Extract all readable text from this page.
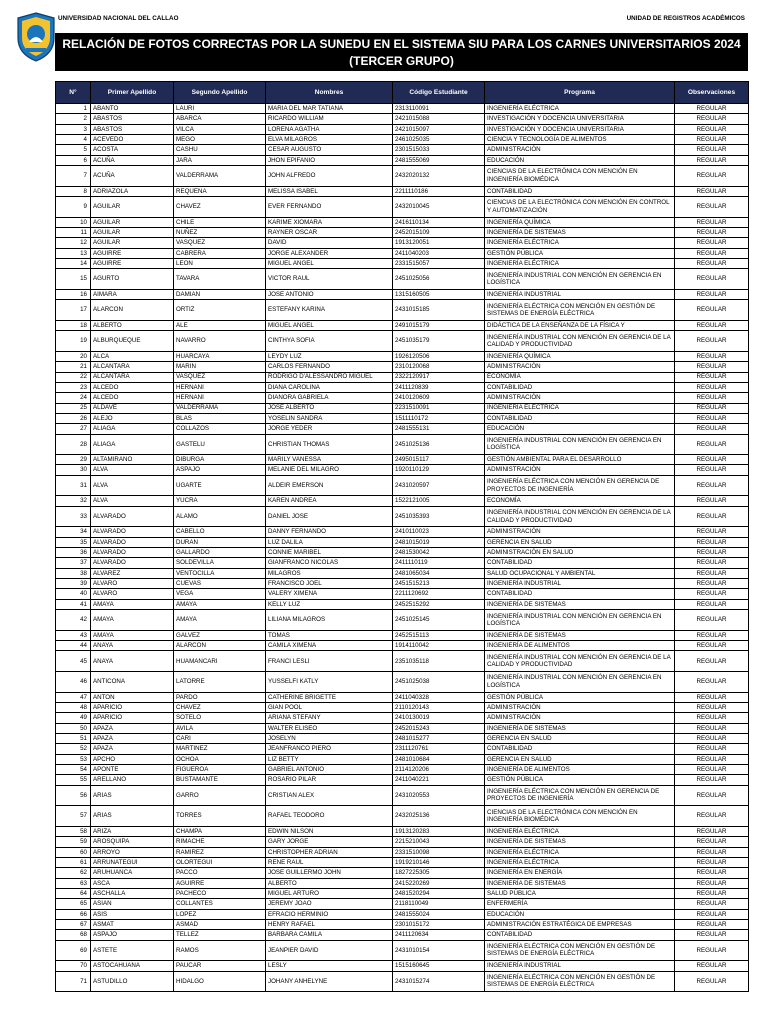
UNIVERSIDAD NACIONAL DEL CALLAO	UNIDAD DE REGISTROS ACADÉMICOS
RELACIÓN DE FOTOS CORRECTAS POR LA SUNEDU EN EL SISTEMA SIU PARA LOS CARNES UNIVERSITARIOS 2024 (TERCER GRUPO)
N°	Primer Apellido	Segundo Apellido	Nombres	Código Estudiante	Programa	Observaciones
1	ABANTO	LAURI	MARIA DEL MAR TATIANA	2313110091	INGENIERÍA ELÉCTRICA	REGULAR
2	ABASTOS	ABARCA	RICARDO WILLIAM	2421015088	INVESTIGACIÓN Y DOCENCIA UNIVERSITARIA	REGULAR
3	ABASTOS	VILCA	LORENA AGATHA	2421015097	INVESTIGACIÓN Y DOCENCIA UNIVERSITARIA	REGULAR
4	ACEVEDO	MEGO	ELVA MILAGROS	2461025035	CIENCIA Y TECNOLOGÍA DE ALIMENTOS	REGULAR
5	ACOSTA	CASHU	CESAR AUGUSTO	2301515033	ADMINISTRACIÓN	REGULAR
6	ACUÑA	JARA	JHON EPIFANIO	2481555069	EDUCACIÓN	REGULAR
7	ACUÑA	VALDERRAMA	JOHN ALFREDO	2432020132	CIENCIAS DE LA ELECTRÓNICA CON MENCIÓN EN INGENIERÍA BIOMÉDICA	REGULAR
8	ADRIAZOLA	REQUENA	MELISSA ISABEL	2211110186	CONTABILIDAD	REGULAR
9	AGUILAR	CHAVEZ	EVER FERNANDO	2432010045	CIENCIAS DE LA ELECTRÓNICA CON MENCIÓN EN CONTROL Y AUTOMATIZACIÓN	REGULAR
10	AGUILAR	CHILE	KARIME XIOMARA	2416110134	INGENIERÍA QUÍMICA	REGULAR
11	AGUILAR	NUÑEZ	RAYNER OSCAR	2452015109	INGENIERÍA DE SISTEMAS	REGULAR
12	AGUILAR	VASQUEZ	DAVID	1913120051	INGENIERÍA ELÉCTRICA	REGULAR
13	AGUIRRE	CABRERA	JORGE ALEXANDER	2411040203	GESTIÓN PÚBLICA	REGULAR
14	AGUIRRE	LEON	MIGUEL ANGEL	2331515057	INGENIERÍA ELÉCTRICA	REGULAR
15	AGURTO	TAVARA	VICTOR RAUL	2451025056	INGENIERÍA INDUSTRIAL CON MENCIÓN EN GERENCIA EN LOGÍSTICA	REGULAR
16	AIMARA	DAMIAN	JOSE ANTONIO	1315160505	INGENIERÍA INDUSTRIAL	REGULAR
17	ALARCON	ORTIZ	ESTEFANY KARINA	2431015185	INGENIERÍA ELÉCTRICA CON MENCIÓN EN GESTIÓN DE SISTEMAS DE ENERGÍA ELÉCTRICA	REGULAR
18	ALBERTO	ALE	MIGUEL ANGEL	2491015179	DIDÁCTICA DE LA ENSEÑANZA DE LA FÍSICA Y	REGULAR
19	ALBURQUEQUE	NAVARRO	CINTHYA SOFIA	2451035179	INGENIERÍA INDUSTRIAL CON MENCIÓN EN GERENCIA DE LA CALIDAD Y PRODUCTIVIDAD	REGULAR
20	ALCA	HUARCAYA	LEYDY LUZ	1926120506	INGENIERÍA QUÍMICA	REGULAR
21	ALCANTARA	MARIN	CARLOS FERNANDO	2310120068	ADMINISTRACIÓN	REGULAR
22	ALCANTARA	VASQUEZ	RODRIGO D'ALESSANDRO MIGUEL	2322120917	ECONOMÍA	REGULAR
23	ALCEDO	HERNANI	DIANA CAROLINA	2411120839	CONTABILIDAD	REGULAR
24	ALCEDO	HERNANI	DIANORA GABRIELA	2410120609	ADMINISTRACIÓN	REGULAR
25	ALDAVE	VALDERRAMA	JOSE ALBERTO	2231510091	INGENIERÍA ELÉCTRICA	REGULAR
26	ALEJO	BLAS	YOSELIN SANDRA	1511110172	CONTABILIDAD	REGULAR
27	ALIAGA	COLLAZOS	JORGE YEDER	2481555131	EDUCACIÓN	REGULAR
28	ALIAGA	GASTELU	CHRISTIAN THOMAS	2451025136	INGENIERÍA INDUSTRIAL CON MENCIÓN EN GERENCIA EN LOGÍSTICA	REGULAR
29	ALTAMIRANO	DIBURGA	MARILY VANESSA	2495015117	GESTIÓN AMBIENTAL PARA EL DESARROLLO	REGULAR
30	ALVA	ASPAJO	MELANIE DEL MILAGRO	1920110129	ADMINISTRACIÓN	REGULAR
31	ALVA	UGARTE	ALDEIR EMERSON	2431020597	INGENIERÍA ELÉCTRICA CON MENCIÓN EN GERENCIA DE PROYECTOS DE INGENIERÍA	REGULAR
32	ALVA	YUCRA	KAREN ANDREA	1522121005	ECONOMÍA	REGULAR
33	ALVARADO	ALAMO	DANIEL JOSE	2451035393	INGENIERÍA INDUSTRIAL CON MENCIÓN EN GERENCIA DE LA CALIDAD Y PRODUCTIVIDAD	REGULAR
34	ALVARADO	CABELLO	DANNY FERNANDO	2410110023	ADMINISTRACIÓN	REGULAR
35	ALVARADO	DURAN	LUZ DALILA	2481015019	GERENCIA EN SALUD	REGULAR
36	ALVARADO	GALLARDO	CONNIE MARIBEL	2481530042	ADMINISTRACIÓN EN SALUD	REGULAR
37	ALVARADO	SOLDEVILLA	GIANFRANCO NICOLAS	2411110119	CONTABILIDAD	REGULAR
38	ALVAREZ	VENTOCILLA	MILAGROS	2481065034	SALUD OCUPACIONAL Y AMBIENTAL	REGULAR
39	ALVARO	CUEVAS	FRANCISCO JOEL	2451515213	INGENIERÍA INDUSTRIAL	REGULAR
40	ALVARO	VEGA	VALERY XIMENA	2211120692	CONTABILIDAD	REGULAR
41	AMAYA	AMAYA	KELLY LUZ	2452515292	INGENIERÍA DE SISTEMAS	REGULAR
42	AMAYA	AMAYA	LILIANA MILAGROS	2451025145	INGENIERÍA INDUSTRIAL CON MENCIÓN EN GERENCIA EN LOGÍSTICA	REGULAR
43	AMAYA	GALVEZ	TOMAS	2452515113	INGENIERÍA DE SISTEMAS	REGULAR
44	ANAYA	ALARCON	CAMILA XIMENA	1914110042	INGENIERÍA DE ALIMENTOS	REGULAR
45	ANAYA	HUAMANCARI	FRANCI LESLI	2351035118	INGENIERÍA INDUSTRIAL CON MENCIÓN EN GERENCIA DE LA CALIDAD Y PRODUCTIVIDAD	REGULAR
46	ANTICONA	LATORRE	YUSSELFI KATLY	2451025038	INGENIERÍA INDUSTRIAL CON MENCIÓN EN GERENCIA EN LOGÍSTICA	REGULAR
47	ANTON	PARDO	CATHERINE BRIGETTE	2411040328	GESTIÓN PÚBLICA	REGULAR
48	APARICIO	CHAVEZ	GIAN POOL	2110120143	ADMINISTRACIÓN	REGULAR
49	APARICIO	SOTELO	ARIANA STEFANY	2410130019	ADMINISTRACIÓN	REGULAR
50	APAZA	AVILA	WALTER ELISEO	2452015243	INGENIERÍA DE SISTEMAS	REGULAR
51	APAZA	CARI	JOSELYN	2481015277	GERENCIA EN SALUD	REGULAR
52	APAZA	MARTINEZ	JEANFRANCO PIERO	2311120761	CONTABILIDAD	REGULAR
53	APCHO	OCHOA	LIZ BETTY	2481010684	GERENCIA EN SALUD	REGULAR
54	APONTE	FIGUEROA	GABRIEL ANTONIO	2114120206	INGENIERÍA DE ALIMENTOS	REGULAR
55	ARELLANO	BUSTAMANTE	ROSARIO PILAR	2411040221	GESTIÓN PÚBLICA	REGULAR
56	ARIAS	GARRO	CRISTIAN ALEX	2431020553	INGENIERÍA ELÉCTRICA CON MENCIÓN EN GERENCIA DE PROYECTOS DE INGENIERÍA	REGULAR
57	ARIAS	TORRES	RAFAEL TEODORO	2432025136	CIENCIAS DE LA ELECTRÓNICA CON MENCIÓN EN INGENIERÍA BIOMÉDICA	REGULAR
58	ARIZA	CHAMPA	EDWIN NILSON	1913120283	INGENIERÍA ELÉCTRICA	REGULAR
59	AROSQUIPA	RIMACHE	GARY JORGE	2215210043	INGENIERÍA DE SISTEMAS	REGULAR
60	ARROYO	RAMIREZ	CHRISTOPHER ADRIAN	2331510098	INGENIERÍA ELÉCTRICA	REGULAR
61	ARRUNATEGUI	OLORTEGUI	RENE RAUL	1919210146	INGENIERÍA ELÉCTRICA	REGULAR
62	ARUHUANCA	PACCO	JOSE GUILLERMO JOHN	1827225305	INGENIERÍA EN ENERGÍA	REGULAR
63	ASCA	AGUIRRE	ALBERTO	2415220269	INGENIERÍA DE SISTEMAS	REGULAR
64	ASCHALLA	PACHECO	MIGUEL ARTURO	2481520294	SALUD PÚBLICA	REGULAR
65	ASIAN	COLLANTES	JEREMY JOAO	2118110049	ENFERMERÍA	REGULAR
66	ASIS	LOPEZ	EFRACIO HERMINIO	2481555024	EDUCACIÓN	REGULAR
67	ASMAT	ASMAD	HENRY RAFAEL	2301015172	ADMINISTRACIÓN ESTRATÉGICA DE EMPRESAS	REGULAR
68	ASPAJO	TELLEZ	BARBARA CAMILA	2411120634	CONTABILIDAD	REGULAR
69	ASTETE	RAMOS	JEANPIER DAVID	2431010154	INGENIERÍA ELÉCTRICA CON MENCIÓN EN GESTIÓN DE SISTEMAS DE ENERGÍA ELÉCTRICA	REGULAR
70	ASTOCAHUANA	PAUCAR	LESLY	1515160645	INGENIERÍA INDUSTRIAL	REGULAR
71	ASTUDILLO	HIDALGO	JOHANY ANHELYNE	2431015274	INGENIERÍA ELÉCTRICA CON MENCIÓN EN GESTIÓN DE SISTEMAS DE ENERGÍA ELÉCTRICA	REGULAR
